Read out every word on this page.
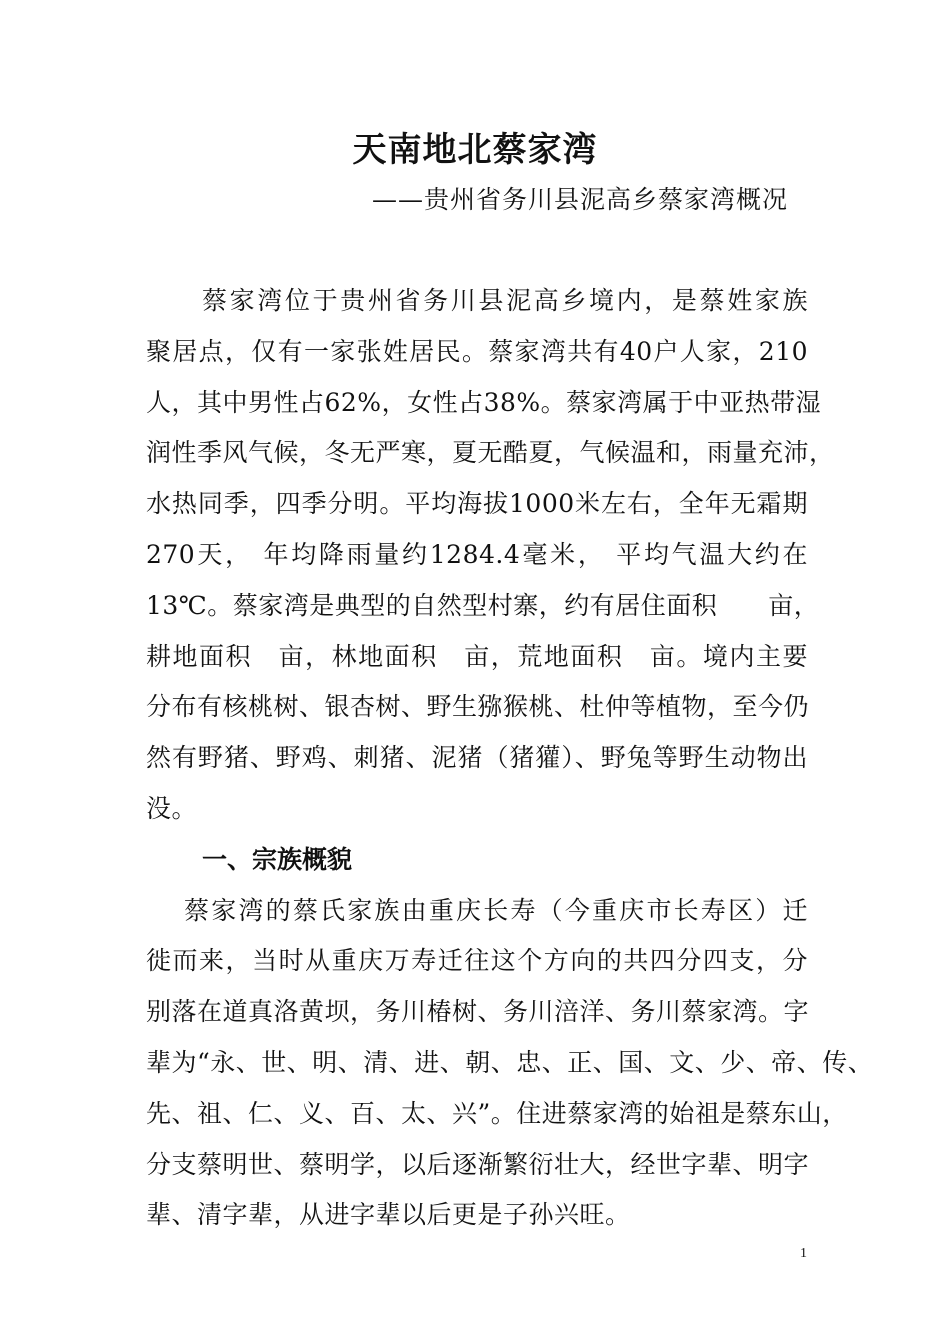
天南地北蔡家湾

——贵州省务川县泥高乡蔡家湾概况

蔡家湾位于贵州省务川县泥高乡境内，是蔡姓家族

聚居点，仅有一家张姓居民。蔡家湾共有40户人家，210

人，其中男性占62%，女性占38%。蔡家湾属于中亚热带湿

润性季风气候，冬无严寒，夏无酷夏，气候温和，雨量充沛，

水热同季，四季分明。平均海拔1000米左右，全年无霜期

270天， 年均降雨量约1284.4毫米， 平均气温大约在

13℃。蔡家湾是典型的自然型村寨，约有居住面积　　亩，

耕地面积　亩，林地面积　亩，荒地面积　亩。境内主要

分布有核桃树、银杏树、野生猕猴桃、杜仲等植物，至今仍

然有野猪、野鸡、刺猪、泥猪（猪獾）、野兔等野生动物出

没。

一、宗族概貌

蔡家湾的蔡氏家族由重庆长寿（今重庆市长寿区）迁

徙而来，当时从重庆万寿迁往这个方向的共四分四支，分

别落在道真洛黄坝，务川椿树、务川涪洋、务川蔡家湾。字

辈为“永、世、明、清、进、朝、忠、正、国、文、少、帝、传、

先、祖、仁、义、百、太、兴”。住进蔡家湾的始祖是蔡东山，

分支蔡明世、蔡明学，以后逐渐繁衍壮大，经世字辈、明字

辈、清字辈，从进字辈以后更是子孙兴旺。

1
